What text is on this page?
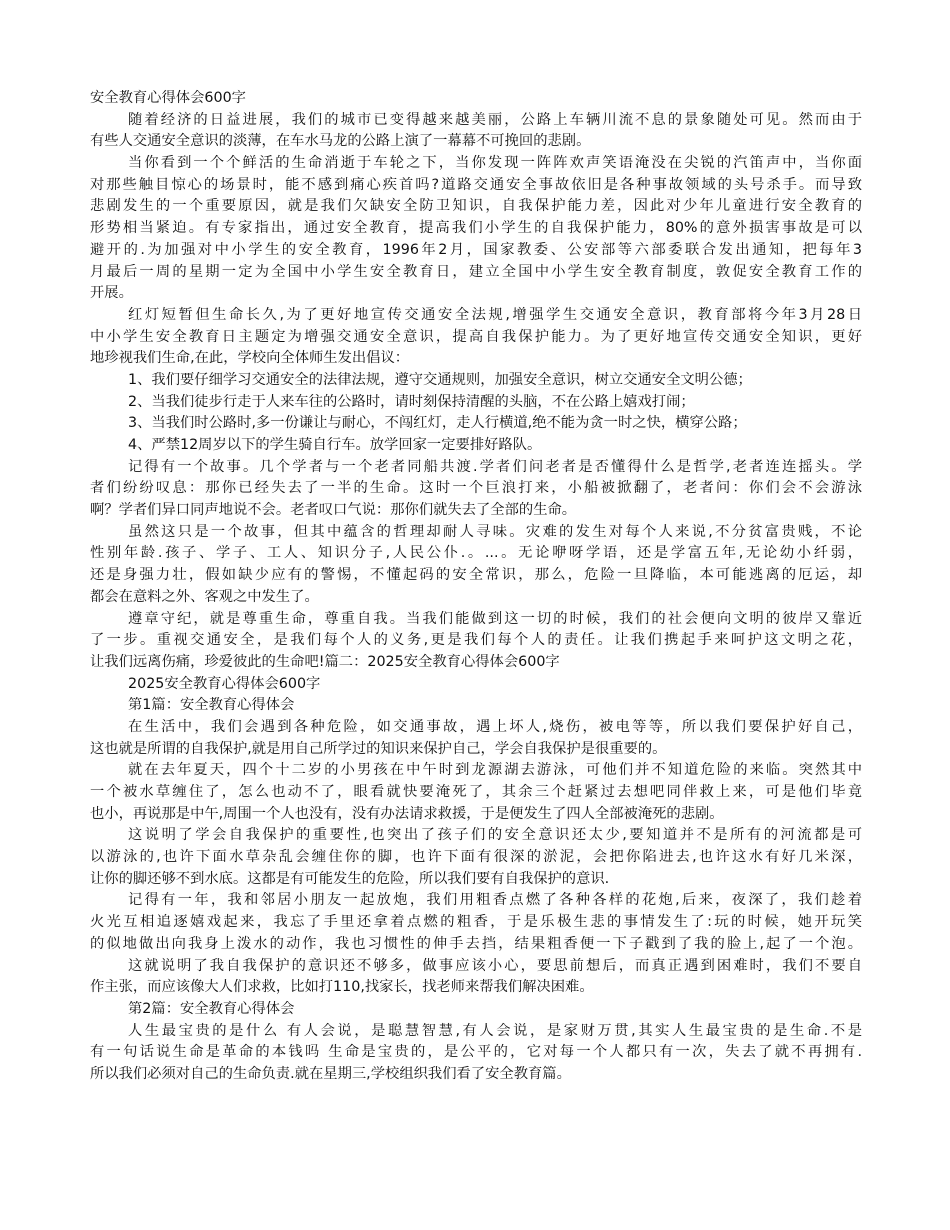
安全教育心得体会600字
随着经济的日益进展，我们的城市已变得越来越美丽，公路上车辆川流不息的景象随处可见。然而由于
有些人交通安全意识的淡薄，在车水马龙的公路上演了一幕幕不可挽回的悲剧。
当你看到一个个鲜活的生命消逝于车轮之下，当你发现一阵阵欢声笑语淹没在尖锐的汽笛声中，当你面
对那些触目惊心的场景时，能不感到痛心疾首吗?道路交通安全事故依旧是各种事故领域的头号杀手。而导致
悲剧发生的一个重要原因，就是我们欠缺安全防卫知识，自我保护能力差，因此对少年儿童进行安全教育的
形势相当紧迫。有专家指出，通过安全教育，提高我们小学生的自我保护能力，80%的意外损害事故是可以
避开的.为加强对中小学生的安全教育，1996年2月，国家教委、公安部等六部委联合发出通知，把每年3
月最后一周的星期一定为全国中小学生安全教育日，建立全国中小学生安全教育制度，敦促安全教育工作的
开展。
红灯短暂但生命长久,为了更好地宣传交通安全法规,增强学生交通安全意识，教育部将今年3月28日
中小学生安全教育日主题定为增强交通安全意识，提高自我保护能力。为了更好地宣传交通安全知识，更好
地珍视我们生命,在此，学校向全体师生发出倡议：
1、我们要仔细学习交通安全的法律法规，遵守交通规则，加强安全意识，树立交通安全文明公德；
2、当我们徒步行走于人来车往的公路时，请时刻保持清醒的头脑，不在公路上嬉戏打闹；
3、当我们时公路时,多一份谦让与耐心，不闯红灯，走人行横道,绝不能为贪一时之快，横穿公路；
4、严禁12周岁以下的学生骑自行车。放学回家一定要排好路队。
记得有一个故事。几个学者与一个老者同船共渡.学者们问老者是否懂得什么是哲学,老者连连摇头。学
者们纷纷叹息：那你已经失去了一半的生命。这时一个巨浪打来，小船被掀翻了，老者问：你们会不会游泳
啊？学者们异口同声地说不会。老者叹口气说：那你们就失去了全部的生命。
虽然这只是一个故事，但其中蕴含的哲理却耐人寻味。灾难的发生对每个人来说,不分贫富贵贱，不论
性别年龄.孩子、学子、工人、知识分子,人民公仆.。...。无论咿呀学语，还是学富五年,无论幼小纤弱，
还是身强力壮，假如缺少应有的警惕，不懂起码的安全常识，那么，危险一旦降临，本可能逃离的厄运，却
都会在意料之外、客观之中发生了。
遵章守纪，就是尊重生命，尊重自我。当我们能做到这一切的时候，我们的社会便向文明的彼岸又靠近
了一步。重视交通安全，是我们每个人的义务,更是我们每个人的责任。让我们携起手来呵护这文明之花，
让我们远离伤痛，珍爱彼此的生命吧!篇二：2025安全教育心得体会600字
2025安全教育心得体会600字
第1篇：安全教育心得体会
在生活中，我们会遇到各种危险，如交通事故，遇上坏人,烧伤，被电等等，所以我们要保护好自己，
这也就是所谓的自我保护,就是用自己所学过的知识来保护自己，学会自我保护是很重要的。
就在去年夏天，四个十二岁的小男孩在中午时到龙源湖去游泳，可他们并不知道危险的来临。突然其中
一个被水草缠住了，怎么也动不了，眼看就快要淹死了，其余三个赶紧过去想吧同伴救上来，可是他们毕竟
也小，再说那是中午,周围一个人也没有，没有办法请求救援，于是便发生了四人全部被淹死的悲剧。
这说明了学会自我保护的重要性,也突出了孩子们的安全意识还太少,要知道并不是所有的河流都是可
以游泳的,也许下面水草杂乱会缠住你的脚，也许下面有很深的淤泥，会把你陷进去,也许这水有好几米深，
让你的脚还够不到水底。这都是有可能发生的危险，所以我们要有自我保护的意识.
记得有一年，我和邻居小朋友一起放炮，我们用粗香点燃了各种各样的花炮,后来，夜深了，我们趁着
火光互相追逐嬉戏起来，我忘了手里还拿着点燃的粗香，于是乐极生悲的事情发生了:玩的时候，她开玩笑
的似地做出向我身上泼水的动作，我也习惯性的伸手去挡，结果粗香便一下子戳到了我的脸上,起了一个泡。
这就说明了我自我保护的意识还不够多，做事应该小心，要思前想后，而真正遇到困难时，我们不要自
作主张，而应该像大人们求救，比如打110,找家长，找老师来帮我们解决困难。
第2篇：安全教育心得体会
人生最宝贵的是什么 有人会说，是聪慧智慧,有人会说，是家财万贯,其实人生最宝贵的是生命.不是
有一句话说生命是革命的本钱吗 生命是宝贵的，是公平的，它对每一个人都只有一次，失去了就不再拥有.
所以我们必须对自己的生命负责.就在星期三,学校组织我们看了安全教育篇。
